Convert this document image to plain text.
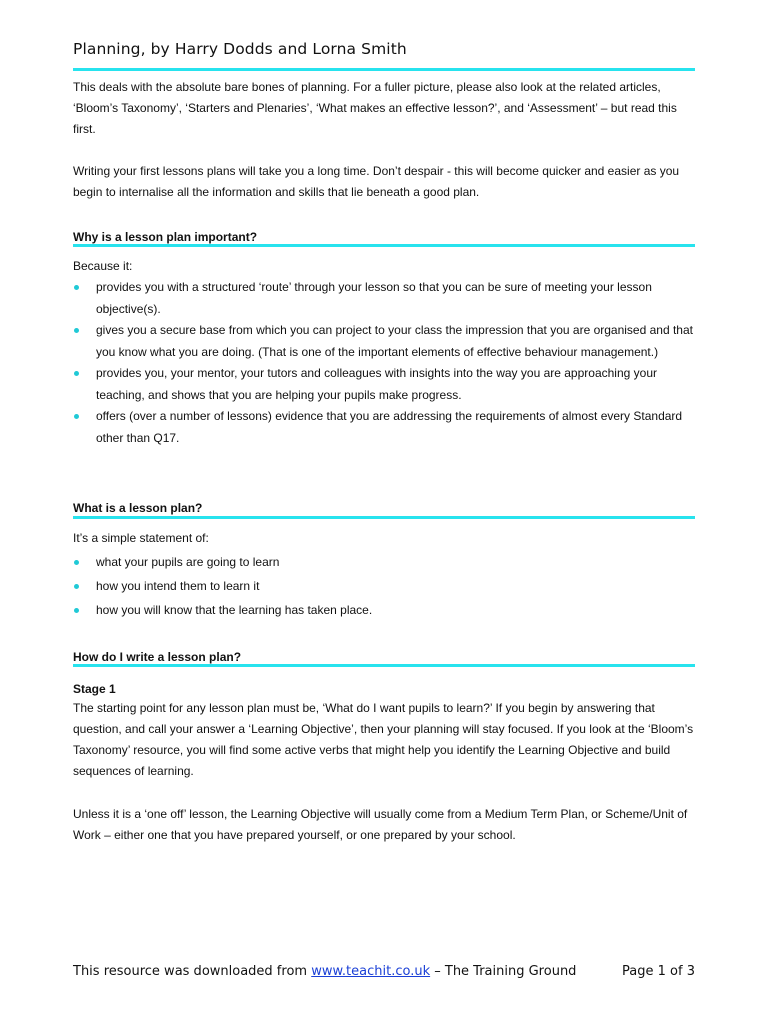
Planning, by Harry Dodds and Lorna Smith
This deals with the absolute bare bones of planning. For a fuller picture, please also look at the related articles, ‘Bloom’s Taxonomy’, ‘Starters and Plenaries’, ‘What makes an effective lesson?’, and ‘Assessment’ – but read this first.
Writing your first lessons plans will take you a long time. Don’t despair - this will become quicker and easier as you begin to internalise all the information and skills that lie beneath a good plan.
Why is a lesson plan important?
Because it:
provides you with a structured ‘route’ through your lesson so that you can be sure of meeting your lesson objective(s).
gives you a secure base from which you can project to your class the impression that you are organised and that you know what you are doing. (That is one of the important elements of effective behaviour management.)
provides you, your mentor, your tutors and colleagues with insights into the way you are approaching your teaching, and shows that you are helping your pupils make progress.
offers (over a number of lessons) evidence that you are addressing the requirements of almost every Standard other than Q17.
What is a lesson plan?
It’s a simple statement of:
what your pupils are going to learn
how you intend them to learn it
how you will know that the learning has taken place.
How do I write a lesson plan?
Stage 1
The starting point for any lesson plan must be, ‘What do I want pupils to learn?’ If you begin by answering that question, and call your answer a ‘Learning Objective’, then your planning will stay focused. If you look at the ‘Bloom’s Taxonomy’ resource, you will find some active verbs that might help you identify the Learning Objective and build sequences of learning.
Unless it is a ‘one off’ lesson, the Learning Objective will usually come from a Medium Term Plan, or Scheme/Unit of Work – either one that you have prepared yourself, or one prepared by your school.
This resource was downloaded from www.teachit.co.uk – The Training Ground	Page 1 of 3
